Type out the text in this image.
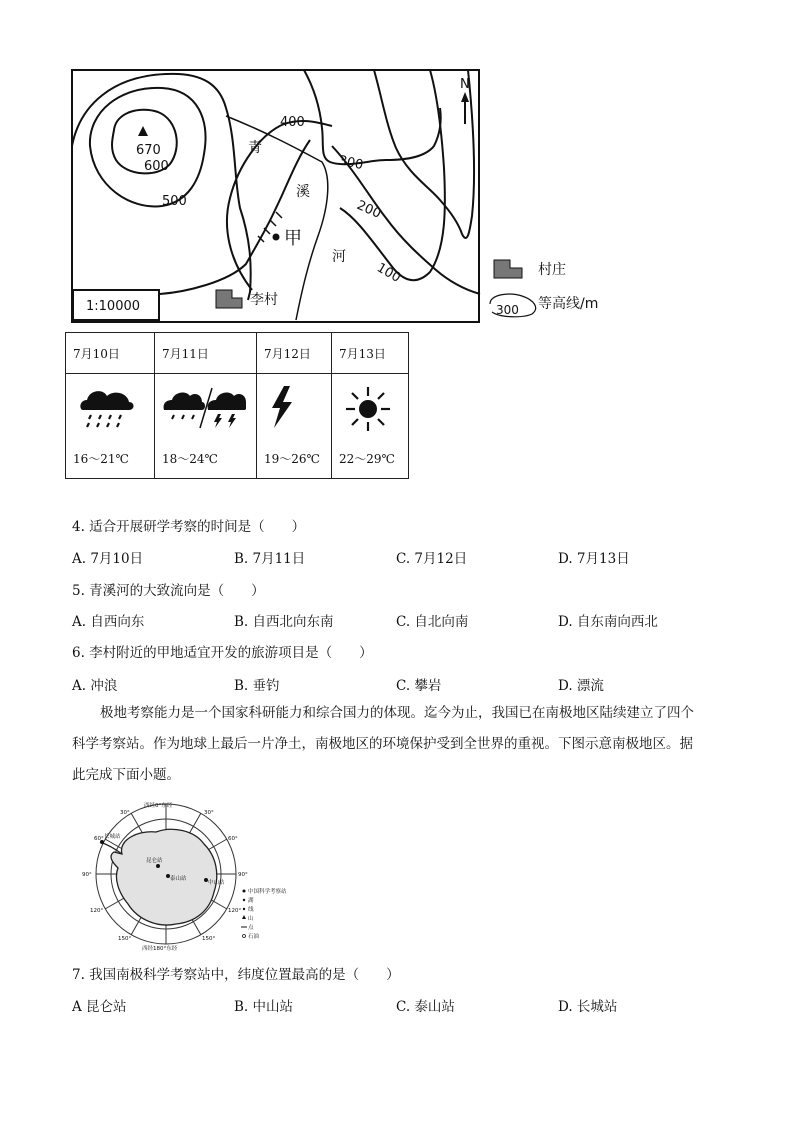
670
600
500
400
300
200
100
青
溪
河
甲
N
1:10000	李村
村庄
300 等高线/m
7月10日	7月11日	7月12日	7月13日

16～21℃	18～24℃	19～26℃	22～29℃
4. 适合开展研学考察的时间是（　　）
A. 7月10日	B. 7月11日	C. 7月12日	D. 7月13日
5. 青溪河的大致流向是（　　）
A. 自西向东	B. 自西北向东南	C. 自北向南	D. 自东南向西北
6. 李村附近的甲地适宜开发的旅游项目是（　　）
A. 冲浪	B. 垂钓	C. 攀岩	D. 漂流

极地考察能力是一个国家科研能力和综合国力的体现。迄今为止，我国已在南极地区陆续建立了四个

科学考察站。作为地球上最后一片净土，南极地区的环境保护受到全世界的重视。下图示意南极地区。据

此完成下面小题。

西经0°东经
西经180°东经
30°	30°
60°	60°
90°	90°
120°	120°
150°	150°
长城站
中山站
泰山站
昆仑站
中国科学考察站
湖
线
山
点
石油
7. 我国南极科学考察站中，纬度位置最高的是（　　）
A 昆仑站	B. 中山站	C. 泰山站	D. 长城站
